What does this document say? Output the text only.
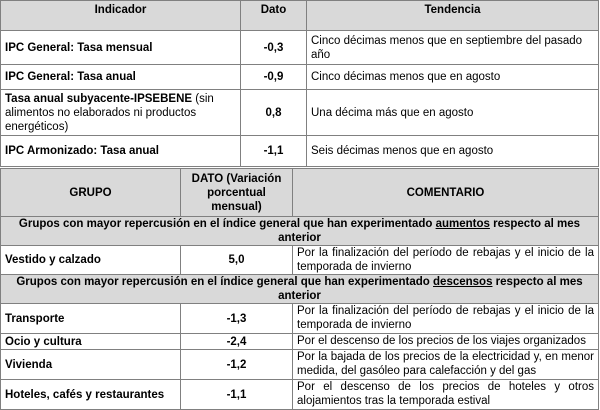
Indicador	Dato	Tendencia
IPC General: Tasa mensual	-0,3	Cinco décimas menos que en septiembre del pasado año
IPC General: Tasa anual	-0,9	Cinco décimas menos que en agosto
Tasa anual subyacente-IPSEBENE (sin alimentos no elaborados ni productos energéticos)	0,8	Una décima más que en agosto
IPC Armonizado: Tasa anual	-1,1	Seis décimas menos que en agosto
GRUPO	DATO (Variación porcentual mensual)	COMENTARIO
Grupos con mayor repercusión en el índice general que han experimentado aumentos respecto al mes anterior		
Vestido y calzado	5,0	Por la finalización del período de rebajas y el inicio de la temporada de invierno
Grupos con mayor repercusión en el índice general que han experimentado descensos respecto al mes anterior		
Transporte	-1,3	Por la finalización del período de rebajas y el inicio de la temporada de invierno
Ocio y cultura	-2,4	Por el descenso de los precios de los viajes organizados
Vivienda	-1,2	Por la bajada de los precios de la electricidad y, en menor medida, del gasóleo para calefacción y del gas
Hoteles, cafés y restaurantes	-1,1	Por el descenso de los precios de hoteles y otros alojamientos tras la temporada estival
